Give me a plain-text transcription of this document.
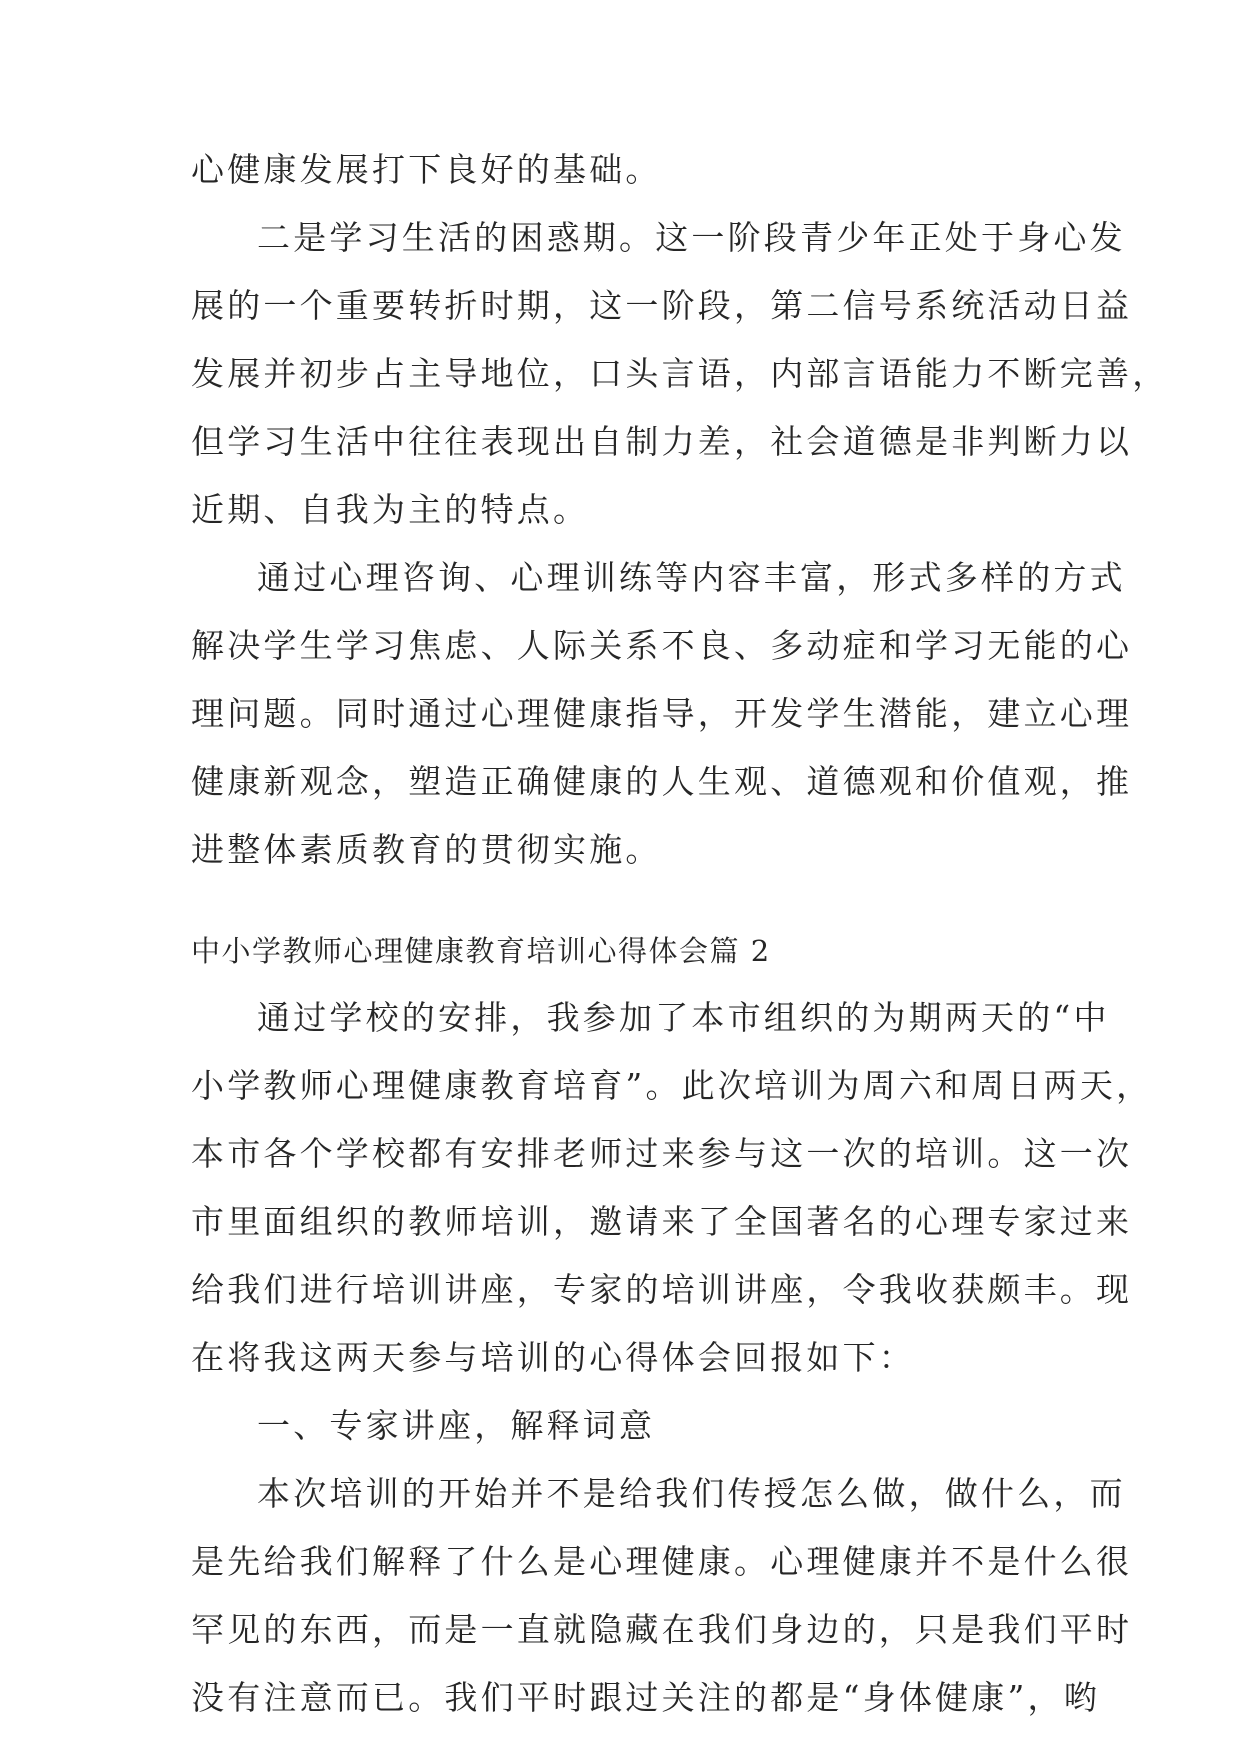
心健康发展打下良好的基础。
二是学习生活的困惑期。这一阶段青少年正处于身心发
展的一个重要转折时期，这一阶段，第二信号系统活动日益
发展并初步占主导地位，口头言语，内部言语能力不断完善，
但学习生活中往往表现出自制力差，社会道德是非判断力以
近期、自我为主的特点。
通过心理咨询、心理训练等内容丰富，形式多样的方式
解决学生学习焦虑、人际关系不良、多动症和学习无能的心
理问题。同时通过心理健康指导，开发学生潜能，建立心理
健康新观念，塑造正确健康的人生观、道德观和价值观，推
进整体素质教育的贯彻实施。
中小学教师心理健康教育培训心得体会篇 2
通过学校的安排，我参加了本市组织的为期两天的“中
小学教师心理健康教育培育”。此次培训为周六和周日两天，
本市各个学校都有安排老师过来参与这一次的培训。这一次
市里面组织的教师培训，邀请来了全国著名的心理专家过来
给我们进行培训讲座，专家的培训讲座，令我收获颇丰。现
在将我这两天参与培训的心得体会回报如下：
一、专家讲座，解释词意
本次培训的开始并不是给我们传授怎么做，做什么，而
是先给我们解释了什么是心理健康。心理健康并不是什么很
罕见的东西，而是一直就隐藏在我们身边的，只是我们平时
没有注意而已。我们平时跟过关注的都是“身体健康”，哟
